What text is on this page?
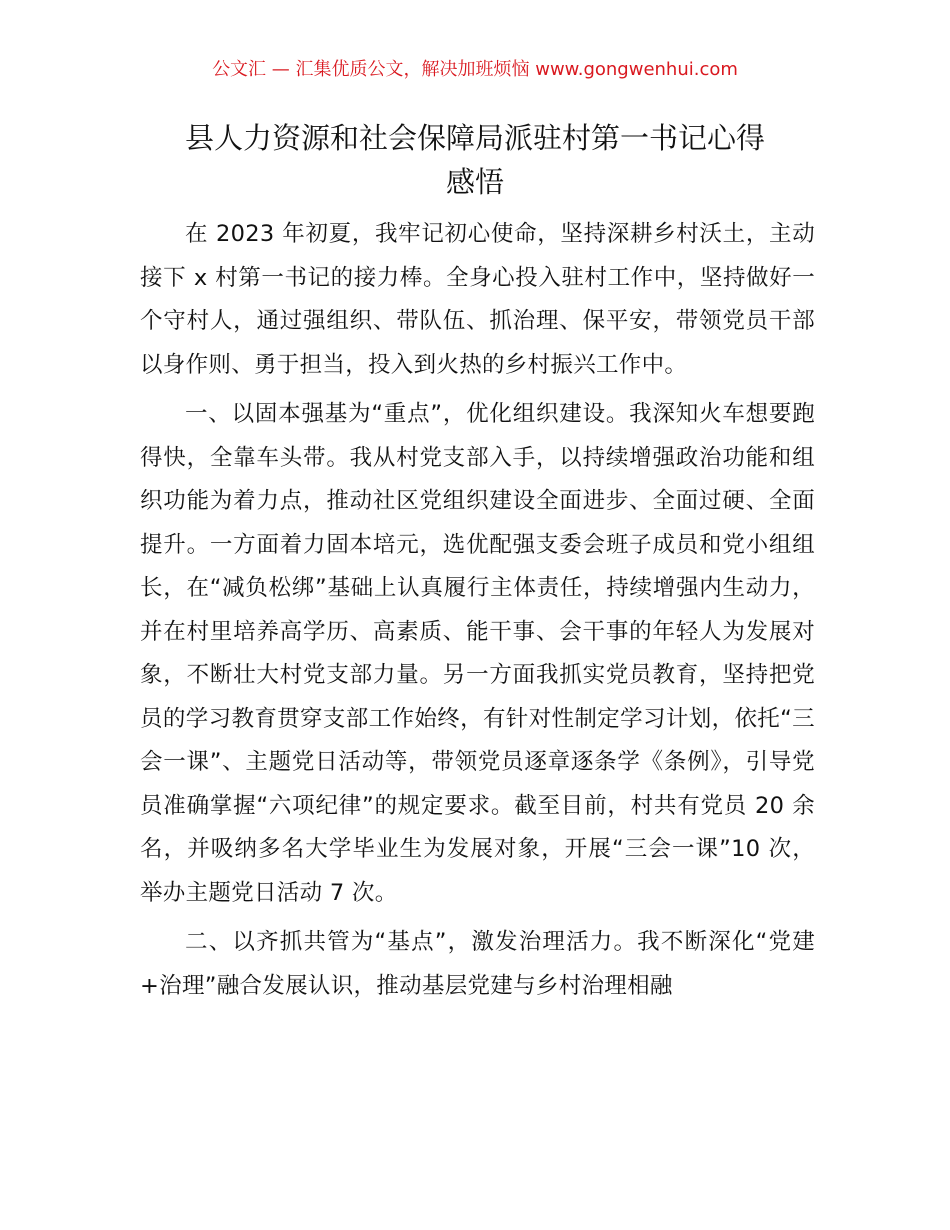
公文汇 — 汇集优质公文，解决加班烦恼 www.gongwenhui.com
县人力资源和社会保障局派驻村第一书记心得
感悟

在 2023 年初夏，我牢记初心使命，坚持深耕乡村沃土，主动接下 x 村第一书记的接力棒。全身心投入驻村工作中，坚持做好一个守村人，通过强组织、带队伍、抓治理、保平安，带领党员干部以身作则、勇于担当，投入到火热的乡村振兴工作中。

一、以固本强基为“重点”，优化组织建设。我深知火车想要跑得快，全靠车头带。我从村党支部入手，以持续增强政治功能和组织功能为着力点，推动社区党组织建设全面进步、全面过硬、全面提升。一方面着力固本培元，选优配强支委会班子成员和党小组组长，在“减负松绑”基础上认真履行主体责任，持续增强内生动力，并在村里培养高学历、高素质、能干事、会干事的年轻人为发展对象，不断壮大村党支部力量。另一方面我抓实党员教育，坚持把党员的学习教育贯穿支部工作始终，有针对性制定学习计划，依托“三会一课”、主题党日活动等，带领党员逐章逐条学《条例》，引导党员准确掌握“六项纪律”的规定要求。截至目前，村共有党员 20 余名，并吸纳多名大学毕业生为发展对象，开展“三会一课”10 次，举办主题党日活动 7 次。

二、以齐抓共管为“基点”，激发治理活力。我不断深化“党建+治理”融合发展认识，推动基层党建与乡村治理相融
